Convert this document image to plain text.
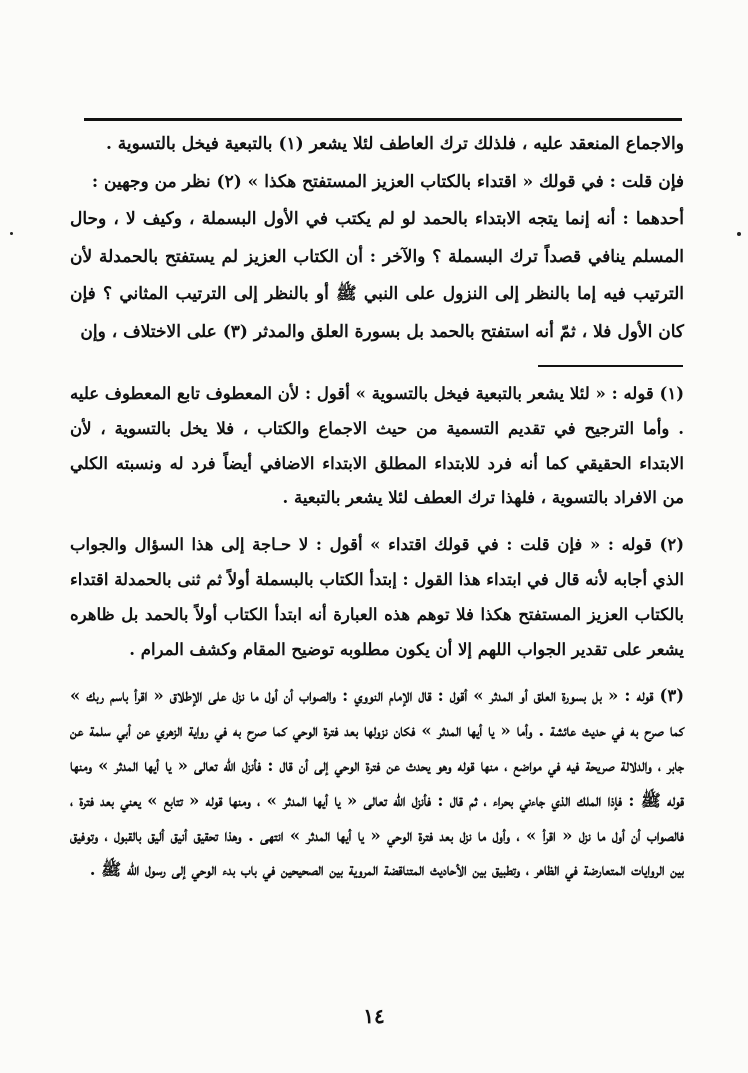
والاجماع المنعقد عليه ، فلذلك ترك العاطف لئلا يشعر (١) بالتبعية فيخل بالتسوية .

فإن قلت : في قولك « اقتداء بالكتاب العزيز المستفتح هكذا » (٢) نظر من وجهين :

أحدهما : أنه إنما يتجه الابتداء بالحمد لو لم يكتب في الأول البسملة ، وكيف لا ، وحال المسلم ينافي قصداً ترك البسملة ؟ والآخر : أن الكتاب العزيز لم يستفتح بالحمدلة لأن الترتيب فيه إما بالنظر إلى النزول على النبي ﷺ أو بالنظر إلى الترتيب المثاني ؟ فإن كان الأول فلا ، ثمّ أنه استفتح بالحمد بل بسورة العلق والمدثر (٣) على الاختلاف ، وإن

(١) قوله : « لئلا يشعر بالتبعية فيخل بالتسوية » أقول : لأن المعطوف تابع المعطوف عليه . وأما الترجيح في تقديم التسمية من حيث الاجماع والكتاب ، فلا يخل بالتسوية ، لأن الابتداء الحقيقي كما أنه فرد للابتداء المطلق الابتداء الاضافي أيضاً فرد له ونسبته الكلي من الافراد بالتسوية ، فلهذا ترك العطف لئلا يشعر بالتبعية .

(٢) قوله : « فإن قلت : في قولك اقتداء » أقول : لا حـاجة إلى هذا السؤال والجواب الذي أجابه لأنه قال في ابتداء هذا القول : إبتدأ الكتاب بالبسملة أولاً ثم ثنى بالحمدلة اقتداء بالكتاب العزيز المستفتح هكذا فلا توهم هذه العبارة أنه ابتدأ الكتاب أولاً بالحمد بل ظاهره يشعر على تقدير الجواب اللهم إلا أن يكون مطلوبه توضيح المقام وكشف المرام .

(٣) قوله : « بل بسورة العلق أو المدثر » أقول : قال الإمام النووي : والصواب أن أول ما نزل على الإطلاق « اقرأ باسم ربك » كما صرح به في حديث عائشة . وأما « يا أيها المدثر » فكان نزولها بعد فترة الوحي كما صرح به في رواية الزهري عن أبي سلمة عن جابر ، والدلالة صريحة فيه في مواضع ، منها قوله وهو يحدث عن فترة الوحي إلى أن قال : فأنزل الله تعالى « يا أيها المدثر » ومنها قوله ﷺ : فإذا الملك الذي جاءني بحراء ، ثم قال : فأنزل الله تعالى « يا أيها المدثر » ، ومنها قوله « تتابع » يعني بعد فترة ، فالصواب أن أول ما نزل « اقرأ » ، وأول ما نزل بعد فترة الوحي « يا أيها المدثر » انتهى . وهذا تحقيق أنيق أليق بالقبول ، وتوفيق بين الروايات المتعارضة في الظاهر ، وتطبيق بين الأحاديث المتناقضة المروية بين الصحيحين في باب بدء الوحي إلى رسول الله ﷺ .

١٤
